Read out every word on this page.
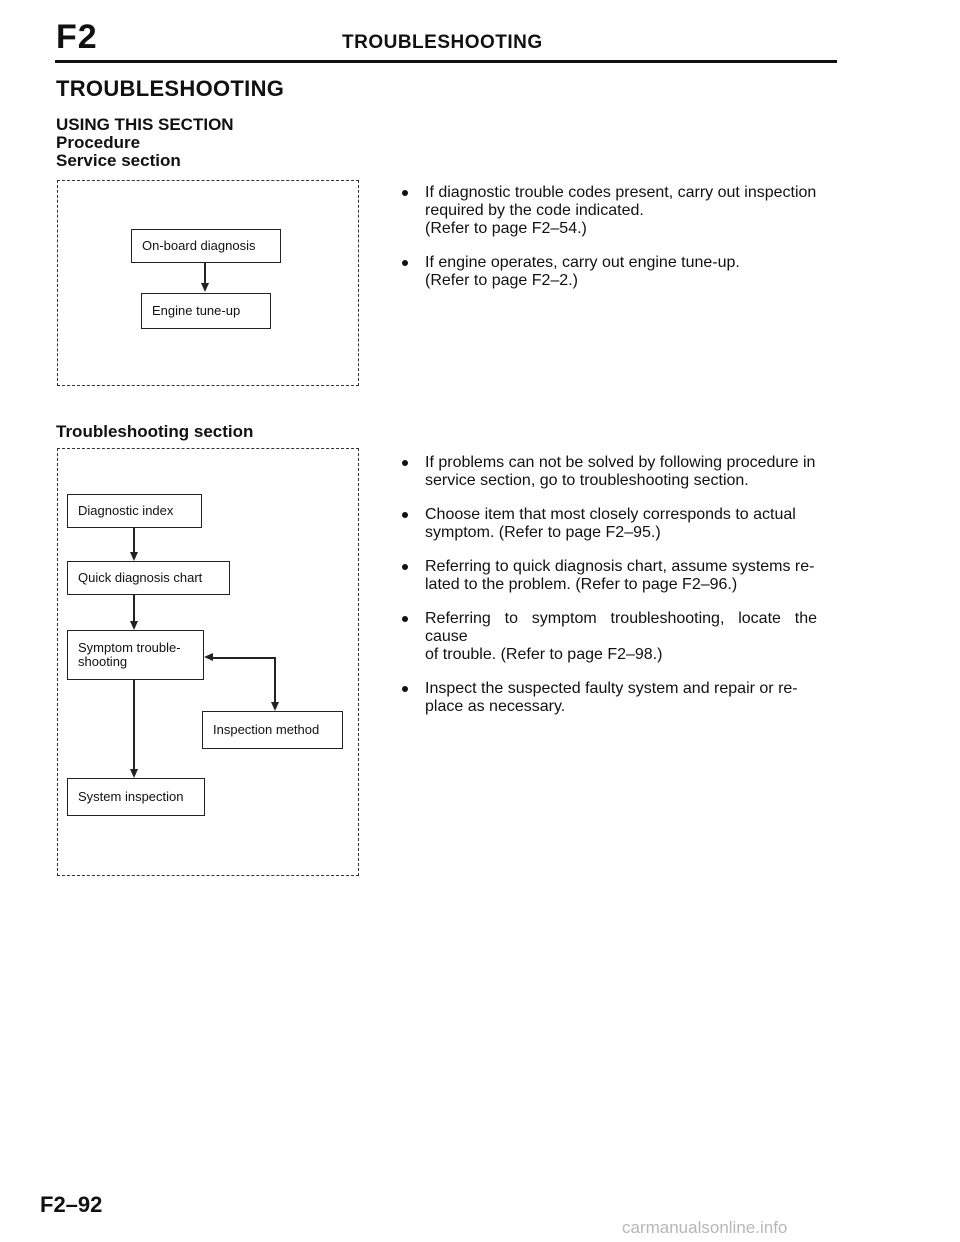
F2	TROUBLESHOOTING
TROUBLESHOOTING
USING THIS SECTION
Procedure
Service section
On-board diagnosis
Engine tune-up
If diagnostic trouble codes present, carry out inspection
required by the code indicated.
(Refer to page F2–54.)
If engine operates, carry out engine tune-up.
(Refer to page F2–2.)
Troubleshooting section
Diagnostic index
Quick diagnosis chart
Symptom trouble-
shooting
Inspection method
System inspection
If problems can not be solved by following procedure in
service section, go to troubleshooting section.
Choose item that most closely corresponds to actual
symptom. (Refer to page F2–95.)
Referring to quick diagnosis chart, assume systems re-
lated to the problem. (Refer to page F2–96.)
Referring to symptom troubleshooting, locate the cause
of trouble. (Refer to page F2–98.)
Inspect the suspected faulty system and repair or re-
place as necessary.
F2–92
carmanualsonline.info
